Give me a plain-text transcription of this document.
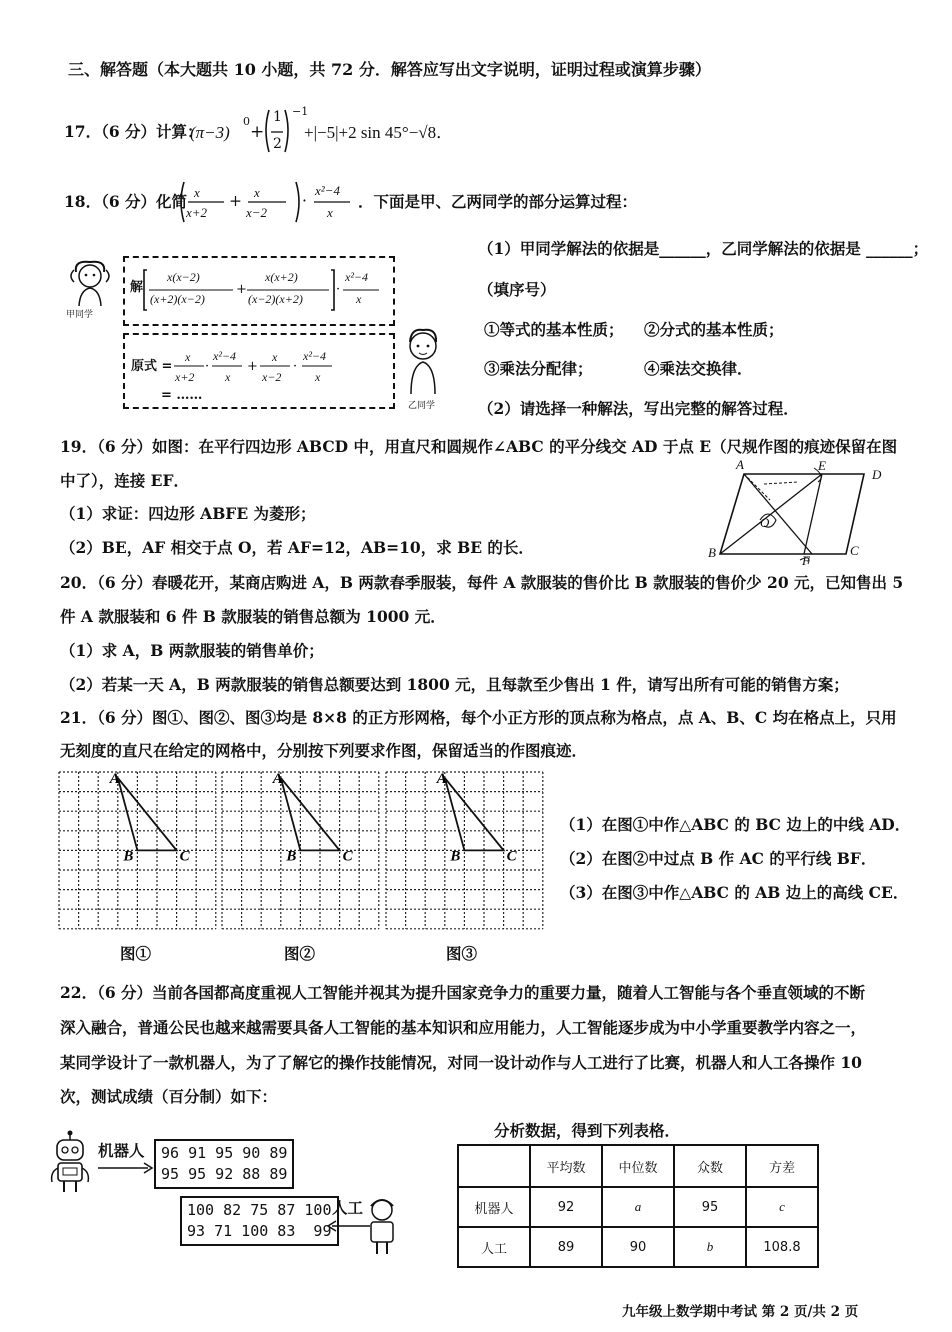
三、解答题（本大题共 10 小题，共 72 分．解答应写出文字说明，证明过程或演算步骤）
17．（6 分）计算：
(π−3)
0
+
1
2
−1
+|−5|+2 sin 45°−√8．
18．（6 分）化简 x
x+2
+ x
x−2
·
x²−4
x
．下面是甲、乙两同学的部分运算过程：
甲同学
乙同学
解
x(x−2)
(x+2)(x−2)
+
x(x+2)
(x−2)(x+2)
·
x²−4
x
原式 =
x
x+2
·
x²−4
x
+
x
x−2
·
x²−4
x
= ……
（1）甲同学解法的依据是______，乙同学解法的依据是 ______；
（填序号）
①等式的基本性质； ②分式的基本性质；
③乘法分配律；	④乘法交换律．
（2）请选择一种解法，写出完整的解答过程．
19．（6 分）如图：在平行四边形 ABCD 中，用直尺和圆规作∠ABC 的平分线交 AD 于点 E（尺规作图的痕迹保留在图
中了），连接 EF．
（1）求证：四边形 ABFE 为菱形；
（2）BE，AF 相交于点 O，若 AF=12，AB=10，求 BE 的长．
A	E
D
O
B
F
C
20．（6 分）春暖花开，某商店购进 A，B 两款春季服装，每件 A 款服装的售价比 B 款服装的售价少 20 元，已知售出 5
件 A 款服装和 6 件 B 款服装的销售总额为 1000 元．
（1）求 A，B 两款服装的销售单价；
（2）若某一天 A，B 两款服装的销售总额要达到 1800 元，且每款至少售出 1 件，请写出所有可能的销售方案；
21．（6 分）图①、图②、图③均是 8×8 的正方形网格，每个小正方形的顶点称为格点，点 A、B、C 均在格点上，只用
无刻度的直尺在给定的网格中，分别按下列要求作图，保留适当的作图痕迹．
A
B	C
A
B	C
A
B	C
图①	图②	图③
（1）在图①中作△ABC 的 BC 边上的中线 AD．
（2）在图②中过点 B 作 AC 的平行线 BF．
（3）在图③中作△ABC 的 AB 边上的高线 CE．
22．（6 分）当前各国都高度重视人工智能并视其为提升国家竞争力的重要力量，随着人工智能与各个垂直领域的不断
深入融合，普通公民也越来越需要具备人工智能的基本知识和应用能力，人工智能逐步成为中小学重要教学内容之一，
某同学设计了一款机器人，为了了解它的操作技能情况，对同一设计动作与人工进行了比赛，机器人和人工各操作 10
次，测试成绩（百分制）如下：
机器人	96 91 95 90 89
95 95 92 88 89
100 82 75 87 100
93 71 100 83  99
人工
分析数据，得到下列表格．
	平均数	中位数	众数	方差
机器人	92	a	95	c
人工	89	90	b	108.8
九年级上数学期中考试 第 2 页/共 2 页
